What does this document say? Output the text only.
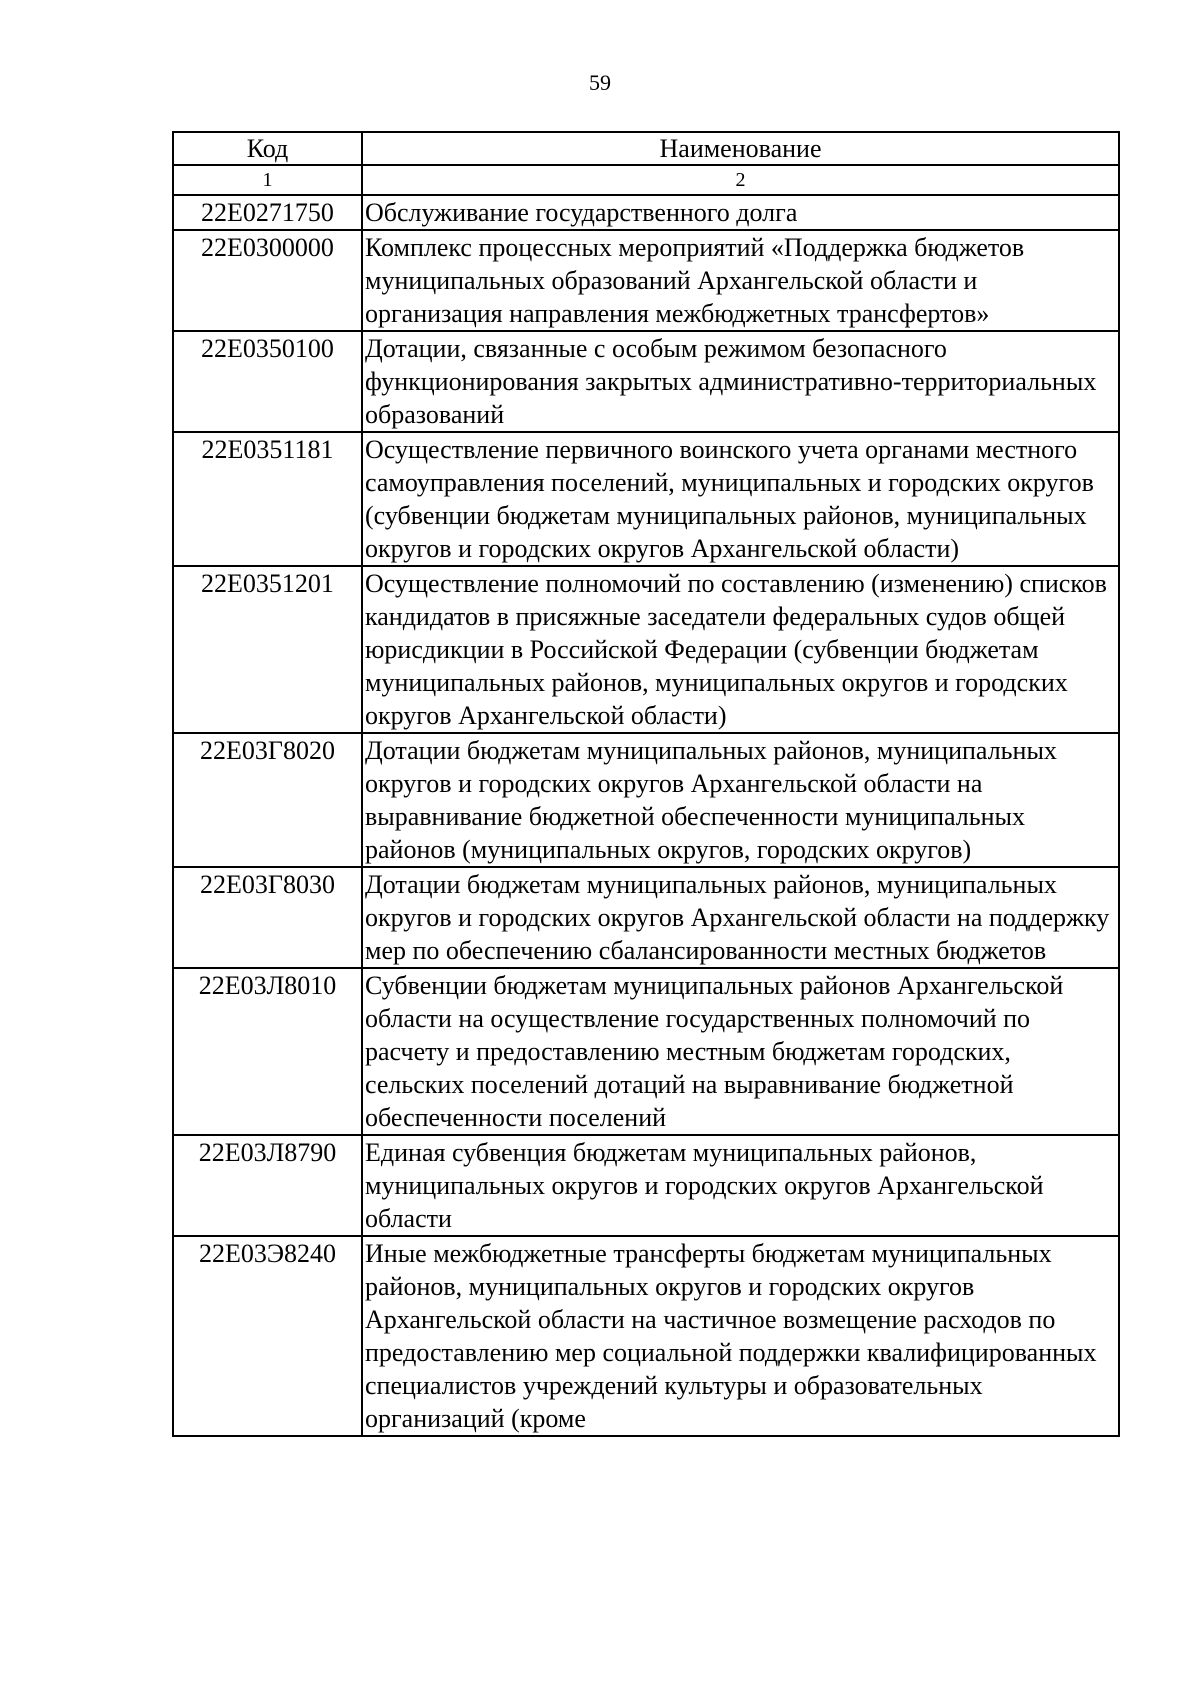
59
Код	Наименование
1	2
22Е0271750	Обслуживание государственного долга
22Е0300000	Комплекс процессных мероприятий «Поддержка бюджетов муниципальных образований Архангельской области и организация направления межбюджетных трансфертов»
22Е0350100	Дотации, связанные с особым режимом безопасного функционирования закрытых административно-территориальных образований
22Е0351181	Осуществление первичного воинского учета органами местного самоуправления поселений, муниципальных и городских округов (субвенции бюджетам муниципальных районов, муниципальных округов и городских округов Архангельской области)
22Е0351201	Осуществление полномочий по составлению (изменению) списков кандидатов в присяжные заседатели федеральных судов общей юрисдикции в Российской Федерации (субвенции бюджетам муниципальных районов, муниципальных округов и городских округов Архангельской области)
22Е03Г8020	Дотации бюджетам муниципальных районов, муниципальных округов и городских округов Архангельской области на выравнивание бюджетной обеспеченности муниципальных районов (муниципальных округов, городских округов)
22Е03Г8030	Дотации бюджетам муниципальных районов, муниципальных округов и городских округов Архангельской области на поддержку мер по обеспечению сбалансированности местных бюджетов
22Е03Л8010	Субвенции бюджетам муниципальных районов Архангельской области на осуществление государственных полномочий по расчету и предоставлению местным бюджетам городских, сельских поселений дотаций на выравнивание бюджетной обеспеченности поселений
22Е03Л8790	Единая субвенция бюджетам муниципальных районов, муниципальных округов и городских округов Архангельской области
22Е03Э8240	Иные межбюджетные трансферты бюджетам муниципальных районов, муниципальных округов и городских округов Архангельской области на частичное возмещение расходов по предоставлению мер социальной поддержки квалифицированных специалистов учреждений культуры и образовательных организаций (кроме
